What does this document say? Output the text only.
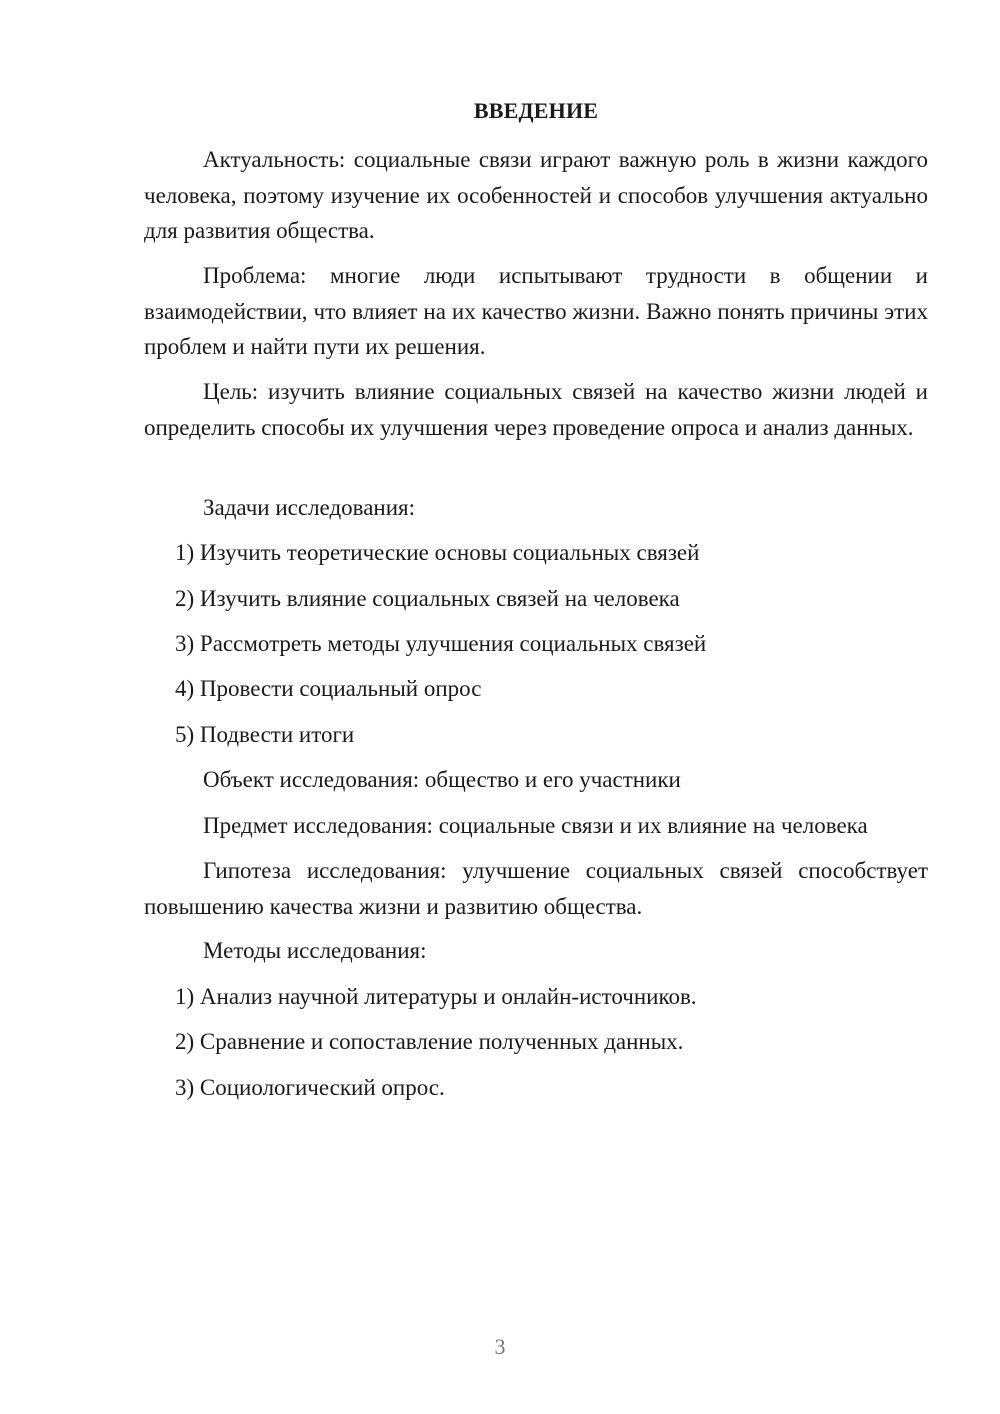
ВВЕДЕНИЕ

Актуальность: социальные связи играют важную роль в жизни каждого человека, поэтому изучение их особенностей и способов улучшения актуально для развития общества.

Проблема: многие люди испытывают трудности в общении и взаимодействии, что влияет на их качество жизни. Важно понять причины этих проблем и найти пути их решения.

Цель: изучить влияние социальных связей на качество жизни людей и определить способы их улучшения через проведение опроса и анализ данных.

Задачи исследования:

1) Изучить теоретические основы социальных связей

2) Изучить влияние социальных связей на человека

3) Рассмотреть методы улучшения социальных связей

4) Провести социальный опрос

5) Подвести итоги

Объект исследования: общество и его участники

Предмет исследования: социальные связи и их влияние на человека

Гипотеза исследования: улучшение социальных связей способствует повышению качества жизни и развитию общества.

Методы исследования:

1) Анализ научной литературы и онлайн-источников.

2) Сравнение и сопоставление полученных данных.

3) Социологический опрос.

3
